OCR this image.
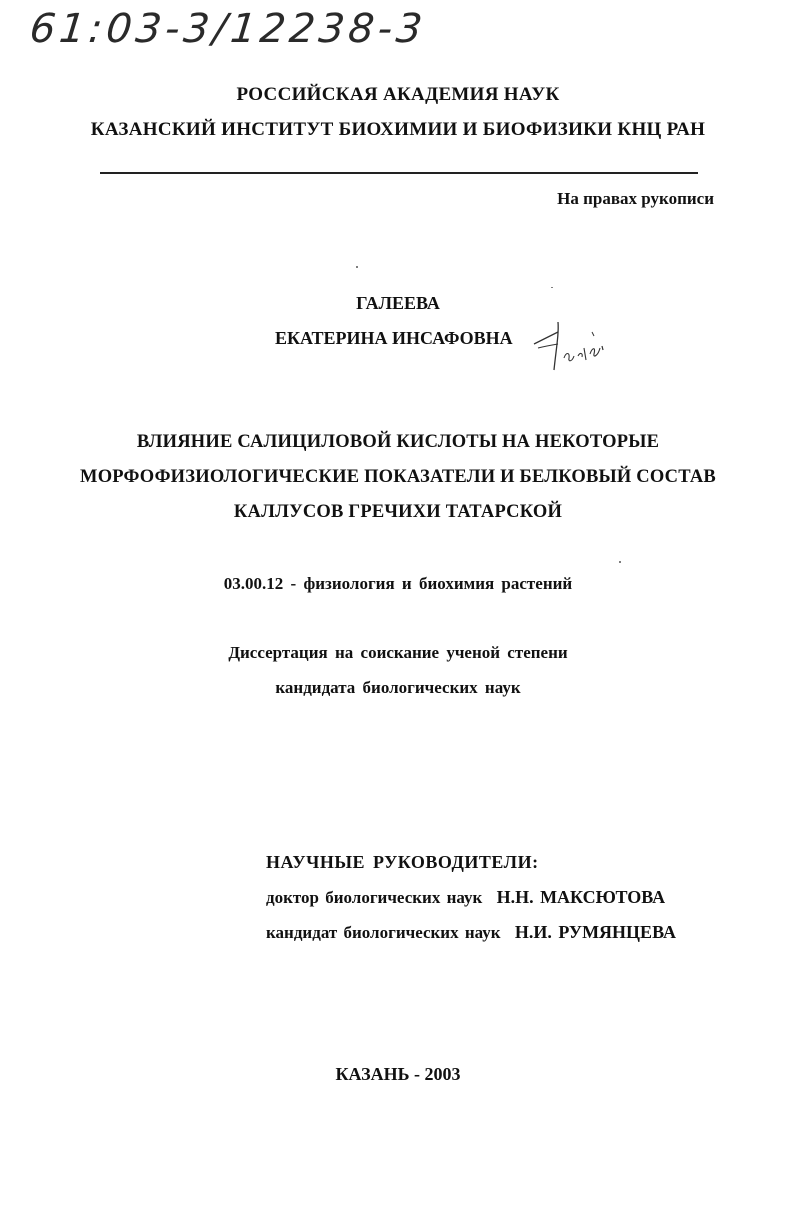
61:03-3/12238-3
РОССИЙСКАЯ АКАДЕМИЯ НАУК
КАЗАНСКИЙ ИНСТИТУТ БИОХИМИИ И БИОФИЗИКИ КНЦ РАН
На правах рукописи
ГАЛЕЕВА
ЕКАТЕРИНА ИНСАФОВНА
ВЛИЯНИЕ САЛИЦИЛОВОЙ КИСЛОТЫ НА НЕКОТОРЫЕ
МОРФОФИЗИОЛОГИЧЕСКИЕ ПОКАЗАТЕЛИ И БЕЛКОВЫЙ СОСТАВ
КАЛЛУСОВ ГРЕЧИХИ ТАТАРСКОЙ
03.00.12 - физиология и биохимия растений
Диссертация на соискание ученой степени
кандидата биологических наук
НАУЧНЫЕ РУКОВОДИТЕЛИ:
доктор биологических наук Н.Н. МАКСЮТОВА
кандидат биологических наук Н.И. РУМЯНЦЕВА
КАЗАНЬ - 2003
